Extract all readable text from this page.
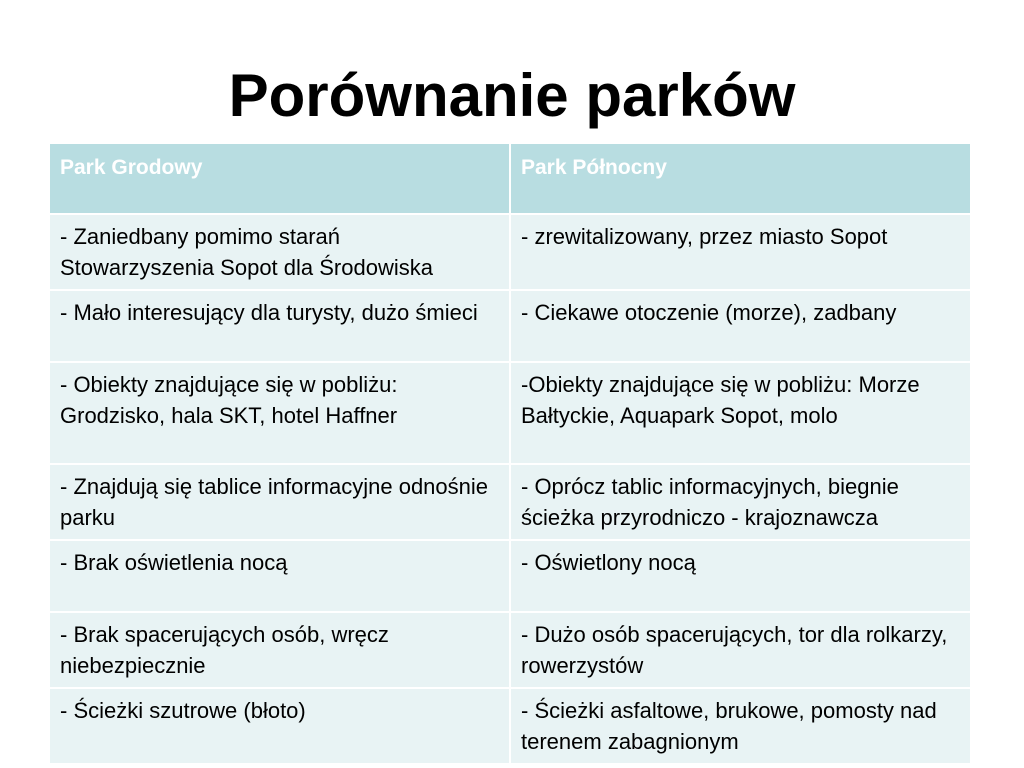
Porównanie parków
Park Grodowy	Park Północny
- Zaniedbany pomimo starań Stowarzyszenia Sopot dla Środowiska	- zrewitalizowany, przez miasto Sopot
- Mało interesujący dla turysty, dużo śmieci	- Ciekawe otoczenie (morze), zadbany
- Obiekty znajdujące się w pobliżu: Grodzisko, hala SKT, hotel Haffner	-Obiekty znajdujące się w pobliżu: Morze Bałtyckie, Aquapark Sopot, molo
- Znajdują się tablice informacyjne odnośnie parku	- Oprócz tablic informacyjnych, biegnie ścieżka przyrodniczo - krajoznawcza
- Brak oświetlenia nocą	- Oświetlony nocą
- Brak spacerujących osób, wręcz niebezpiecznie	- Dużo osób spacerujących, tor dla rolkarzy, rowerzystów
- Ścieżki szutrowe (błoto)	- Ścieżki asfaltowe, brukowe, pomosty nad terenem zabagnionym
